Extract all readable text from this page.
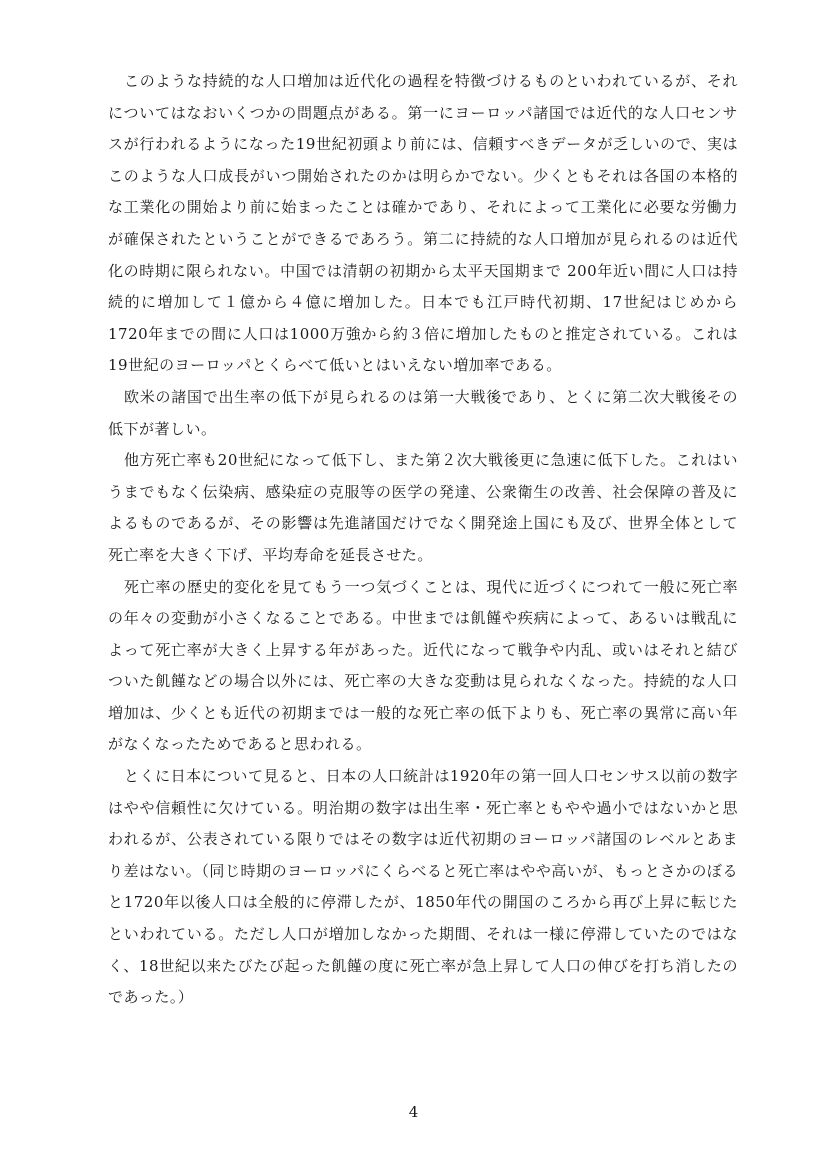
このような持続的な人口増加は近代化の過程を特徴づけるものといわれているが、それについてはなおいくつかの問題点がある。第一にヨーロッパ諸国では近代的な人口センサスが行われるようになった19世紀初頭より前には、信頼すべきデータが乏しいので、実はこのような人口成長がいつ開始されたのかは明らかでない。少くともそれは各国の本格的な工業化の開始より前に始まったことは確かであり、それによって工業化に必要な労働力が確保されたということができるであろう。第二に持続的な人口増加が見られるのは近代化の時期に限られない。中国では清朝の初期から太平天国期まで 200年近い間に人口は持続的に増加して１億から４億に増加した。日本でも江戸時代初期、17世紀はじめから1720年までの間に人口は1000万強から約３倍に増加したものと推定されている。これは19世紀のヨーロッパとくらべて低いとはいえない増加率である。

欧米の諸国で出生率の低下が見られるのは第一大戦後であり、とくに第二次大戦後その低下が著しい。

他方死亡率も20世紀になって低下し、また第２次大戦後更に急速に低下した。これはいうまでもなく伝染病、感染症の克服等の医学の発達、公衆衛生の改善、社会保障の普及によるものであるが、その影響は先進諸国だけでなく開発途上国にも及び、世界全体として死亡率を大きく下げ、平均寿命を延長させた。

死亡率の歴史的変化を見てもう一つ気づくことは、現代に近づくにつれて一般に死亡率の年々の変動が小さくなることである。中世までは飢饉や疾病によって、あるいは戦乱によって死亡率が大きく上昇する年があった。近代になって戦争や内乱、或いはそれと結びついた飢饉などの場合以外には、死亡率の大きな変動は見られなくなった。持続的な人口増加は、少くとも近代の初期までは一般的な死亡率の低下よりも、死亡率の異常に高い年がなくなったためであると思われる。

とくに日本について見ると、日本の人口統計は1920年の第一回人口センサス以前の数字はやや信頼性に欠けている。明治期の数字は出生率・死亡率ともやや過小ではないかと思われるが、公表されている限りではその数字は近代初期のヨーロッパ諸国のレベルとあまり差はない。（同じ時期のヨーロッパにくらべると死亡率はやや高いが、もっとさかのぼると1720年以後人口は全般的に停滞したが、1850年代の開国のころから再び上昇に転じたといわれている。ただし人口が増加しなかった期間、それは一様に停滞していたのではなく、18世紀以来たびたび起った飢饉の度に死亡率が急上昇して人口の伸びを打ち消したのであった。）

4
